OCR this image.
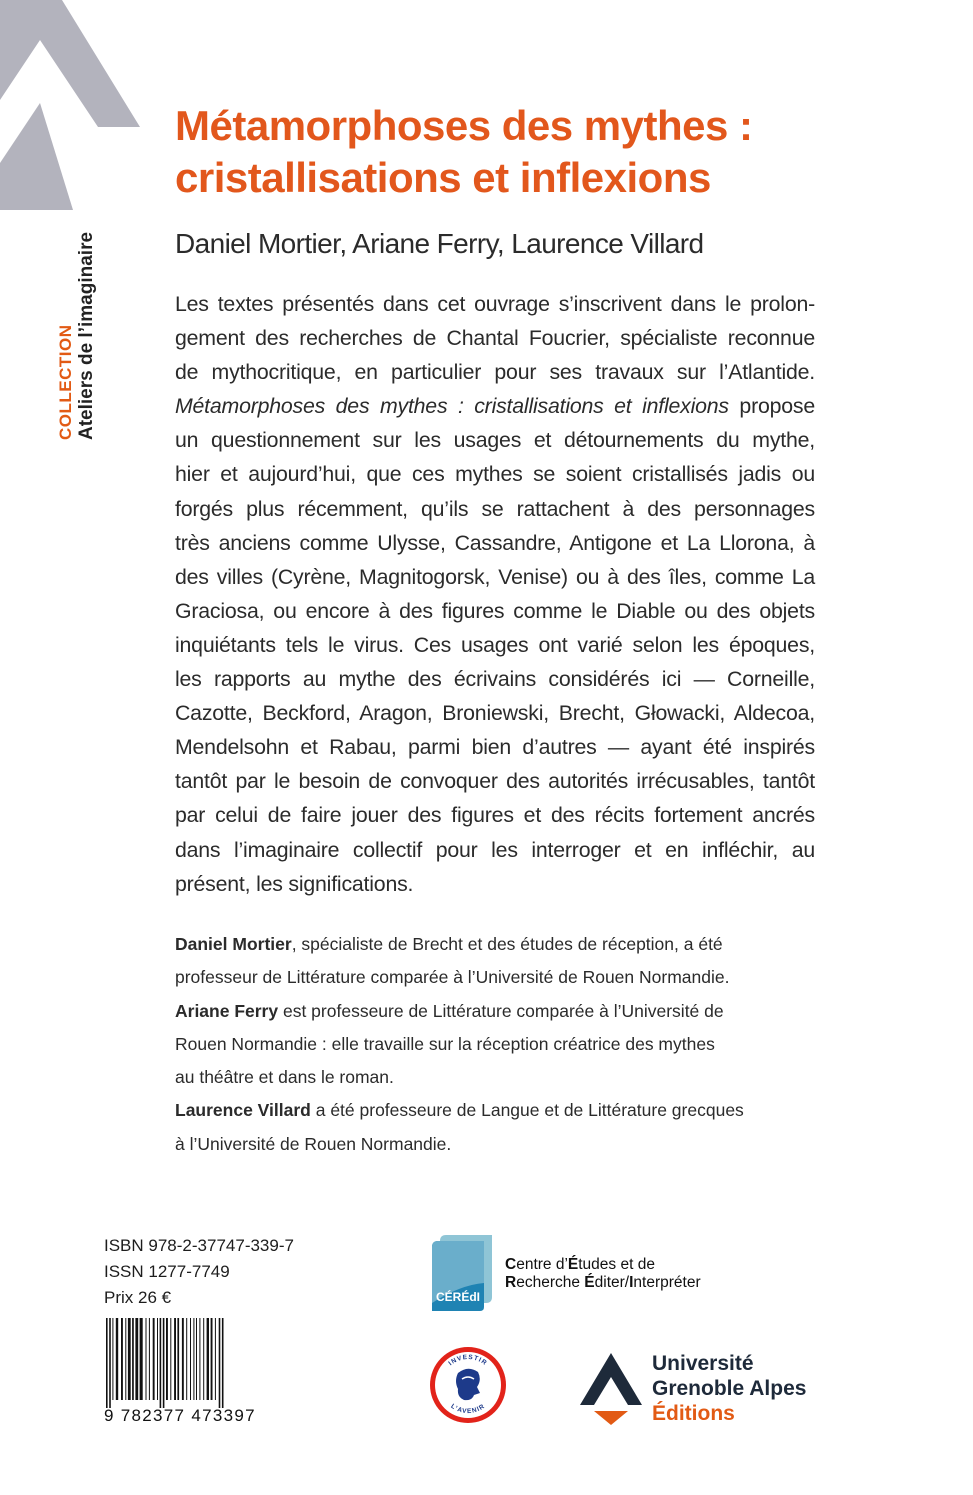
COLLECTION Ateliers de l’imaginaire
Métamorphoses des mythes :
cristallisations et inflexions

Daniel Mortier, Ariane Ferry, Laurence Villard

Les textes présentés dans cet ouvrage s’inscrivent dans le prolon-
gement des recherches de Chantal Foucrier, spécialiste reconnue
de mythocritique, en particulier pour ses travaux sur l’Atlantide.
Métamorphoses des mythes : cristallisations et inflexions propose
un questionnement sur les usages et détournements du mythe,
hier et aujourd’hui, que ces mythes se soient cristallisés jadis ou
forgés plus récemment, qu’ils se rattachent à des personnages
très anciens comme Ulysse, Cassandre, Antigone et La Llorona, à
des villes (Cyrène, Magnitogorsk, Venise) ou à des îles, comme La
Graciosa, ou encore à des figures comme le Diable ou des objets
inquiétants tels le virus. Ces usages ont varié selon les époques,
les rapports au mythe des écrivains considérés ici — Corneille,
Cazotte, Beckford, Aragon, Broniewski, Brecht, Głowacki, Aldecoa,
Mendelsohn et Rabau, parmi bien d’autres — ayant été inspirés
tantôt par le besoin de convoquer des autorités irrécusables, tantôt
par celui de faire jouer des figures et des récits fortement ancrés
dans l’imaginaire collectif pour les interroger et en infléchir, au
présent, les significations.
Daniel Mortier, spécialiste de Brecht et des études de réception, a été
professeur de Littérature comparée à l’Université de Rouen Normandie.
Ariane Ferry est professeure de Littérature comparée à l’Université de
Rouen Normandie : elle travaille sur la réception créatrice des mythes
au théâtre et dans le roman.
Laurence Villard a été professeure de Langue et de Littérature grecques
à l’Université de Rouen Normandie.
ISBN 978-2-37747-339-7
ISSN 1277-7749
Prix 26 €
9 782377 473397
CÉRÉdI
Centre d’Études et de
Recherche Éditer/Interpréter
INVESTIR
L’AVENIR
Université
Grenoble Alpes
Éditions
